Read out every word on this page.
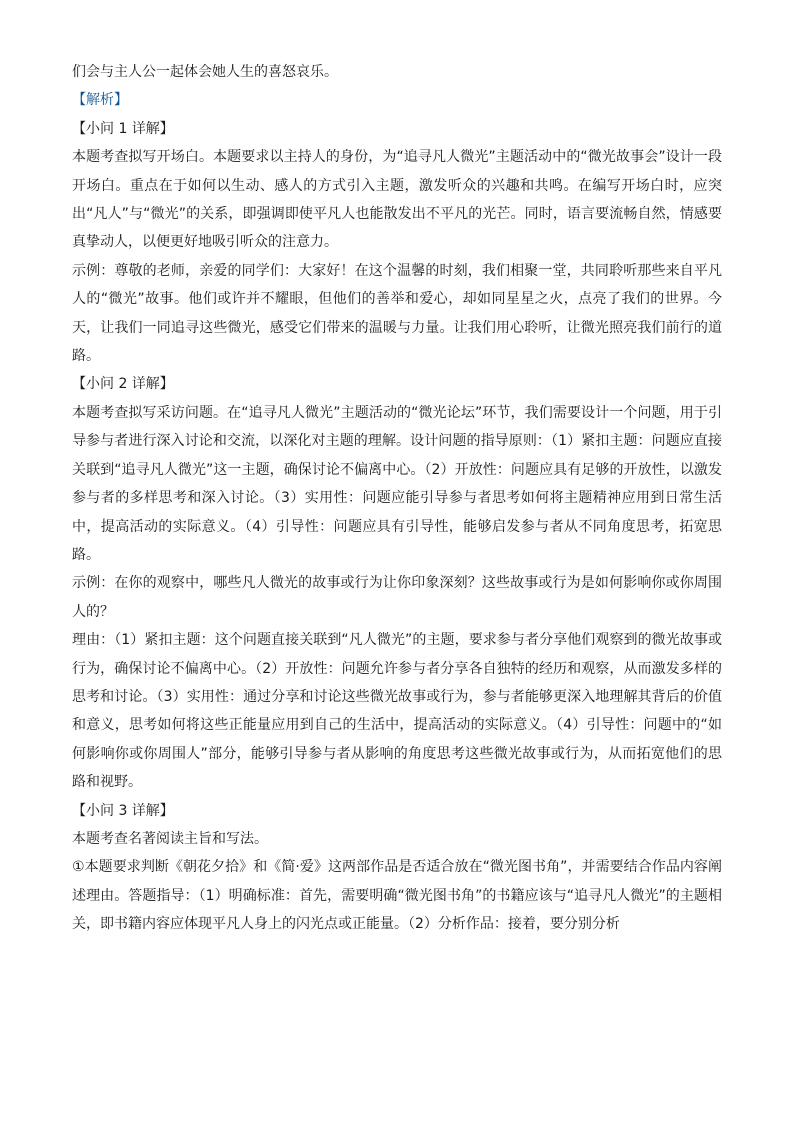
们会与主人公一起体会她人生的喜怒哀乐。

【解析】

【小问 1 详解】

本题考查拟写开场白。本题要求以主持人的身份，为“追寻凡人微光”主题活动中的“微光故事会”设计一段开场白。重点在于如何以生动、感人的方式引入主题，激发听众的兴趣和共鸣。在编写开场白时，应突出“凡人”与“微光”的关系，即强调即使平凡人也能散发出不平凡的光芒。同时，语言要流畅自然，情感要真挚动人，以便更好地吸引听众的注意力。

示例：尊敬的老师，亲爱的同学们：大家好！在这个温馨的时刻，我们相聚一堂，共同聆听那些来自平凡人的“微光”故事。他们或许并不耀眼，但他们的善举和爱心，却如同星星之火，点亮了我们的世界。今天，让我们一同追寻这些微光，感受它们带来的温暖与力量。让我们用心聆听，让微光照亮我们前行的道路。

【小问 2 详解】

本题考查拟写采访问题。在“追寻凡人微光”主题活动的“微光论坛”环节，我们需要设计一个问题，用于引导参与者进行深入讨论和交流，以深化对主题的理解。设计问题的指导原则：（1）紧扣主题：问题应直接关联到“追寻凡人微光”这一主题，确保讨论不偏离中心。（2）开放性：问题应具有足够的开放性，以激发参与者的多样思考和深入讨论。（3）实用性：问题应能引导参与者思考如何将主题精神应用到日常生活中，提高活动的实际意义。（4）引导性：问题应具有引导性，能够启发参与者从不同角度思考，拓宽思路。

示例：在你的观察中，哪些凡人微光的故事或行为让你印象深刻？这些故事或行为是如何影响你或你周围人的？

理由：（1）紧扣主题：这个问题直接关联到“凡人微光”的主题，要求参与者分享他们观察到的微光故事或行为，确保讨论不偏离中心。（2）开放性：问题允许参与者分享各自独特的经历和观察，从而激发多样的思考和讨论。（3）实用性：通过分享和讨论这些微光故事或行为，参与者能够更深入地理解其背后的价值和意义，思考如何将这些正能量应用到自己的生活中，提高活动的实际意义。（4）引导性：问题中的“如何影响你或你周围人”部分，能够引导参与者从影响的角度思考这些微光故事或行为，从而拓宽他们的思路和视野。

【小问 3 详解】

本题考查名著阅读主旨和写法。

①本题要求判断《朝花夕拾》和《简·爱》这两部作品是否适合放在“微光图书角”，并需要结合作品内容阐述理由。答题指导：（1）明确标准：首先，需要明确“微光图书角”的书籍应该与“追寻凡人微光”的主题相关，即书籍内容应体现平凡人身上的闪光点或正能量。（2）分析作品：接着，要分别分析
